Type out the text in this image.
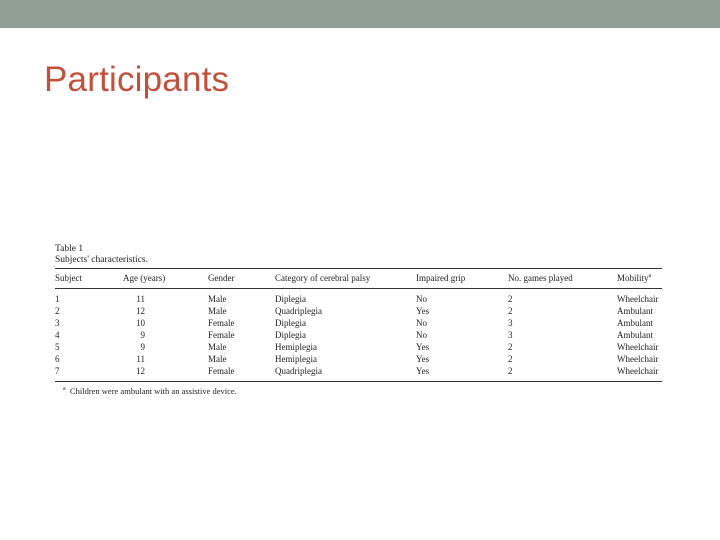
Participants
Table 1
Subjects' characteristics.
Subject	Age (years)	Gender	Category of cerebral palsy	Impaired grip	No. games played	Mobility$^a$
1	11	Male	Diplegia	No	2	Wheelchair
2	12	Male	Quadriplegia	Yes	2	Ambulant
3	10	Female	Diplegia	No	3	Ambulant
4	9	Female	Diplegia	No	3	Ambulant
5	9	Male	Hemiplegia	Yes	2	Wheelchair
6	11	Male	Hemiplegia	Yes	2	Wheelchair
7	12	Female	Quadriplegia	Yes	2	Wheelchair
$^a$ Children were ambulant with an assistive device.
